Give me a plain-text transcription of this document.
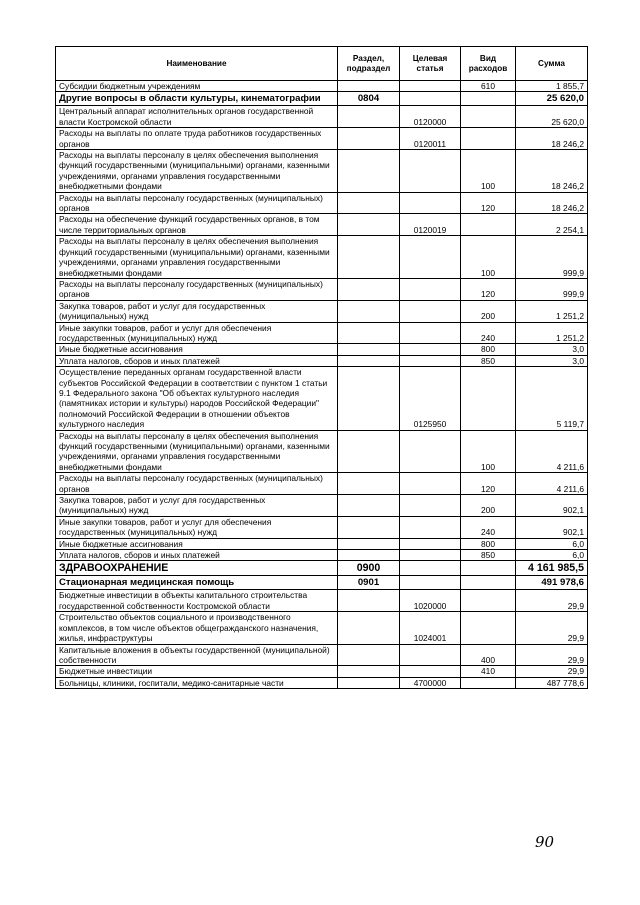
Наименование	Раздел, подраздел	Целевая статья	Вид расходов	Сумма
Субсидии бюджетным учреждениям			610	1 855,7
Другие вопросы в области культуры, кинематографии	0804			25 620,0
Центральный аппарат исполнительных органов государственной власти Костромской области		0120000		25 620,0
Расходы на выплаты по оплате труда работников государственных органов		0120011		18 246,2
Расходы на выплаты персоналу в целях обеспечения выполнения функций государственными (муниципальными) органами, казенными учреждениями, органами управления государственными внебюджетными фондами			100	18 246,2
Расходы на выплаты персоналу государственных (муниципальных) органов			120	18 246,2
Расходы на обеспечение функций государственных органов, в том числе территориальных органов		0120019		2 254,1
Расходы на выплаты персоналу в целях обеспечения выполнения функций государственными (муниципальными) органами, казенными учреждениями, органами управления государственными внебюджетными фондами			100	999,9
Расходы на выплаты персоналу государственных (муниципальных) органов			120	999,9
Закупка товаров, работ и услуг для государственных (муниципальных) нужд			200	1 251,2
Иные закупки товаров, работ и услуг для обеспечения государственных (муниципальных) нужд			240	1 251,2
Иные бюджетные ассигнования			800	3,0
Уплата налогов, сборов и иных платежей			850	3,0
Осуществление переданных органам государственной власти субъектов Российской Федерации в соответствии с пунктом 1 статьи 9.1 Федерального закона "Об объектах культурного наследия (памятниках истории и культуры) народов Российской Федерации" полномочий Российской Федерации в отношении объектов культурного наследия		0125950		5 119,7
Расходы на выплаты персоналу в целях обеспечения выполнения функций государственными (муниципальными) органами, казенными учреждениями, органами управления государственными внебюджетными фондами			100	4 211,6
Расходы на выплаты персоналу государственных (муниципальных) органов			120	4 211,6
Закупка товаров, работ и услуг для государственных (муниципальных) нужд			200	902,1
Иные закупки товаров, работ и услуг для обеспечения государственных (муниципальных) нужд			240	902,1
Иные бюджетные ассигнования			800	6,0
Уплата налогов, сборов и иных платежей			850	6,0
ЗДРАВООХРАНЕНИЕ	0900			4 161 985,5
Стационарная медицинская помощь	0901			491 978,6
Бюджетные инвестиции в объекты капитального строительства государственной собственности Костромской области		1020000		29,9
Строительство объектов социального и производственного комплексов, в том числе объектов общегражданского назначения, жилья, инфраструктуры		1024001		29,9
Капитальные вложения в объекты государственной (муниципальной) собственности			400	29,9
Бюджетные инвестиции			410	29,9
Больницы, клиники, госпитали, медико-санитарные части		4700000		487 778,6
90
